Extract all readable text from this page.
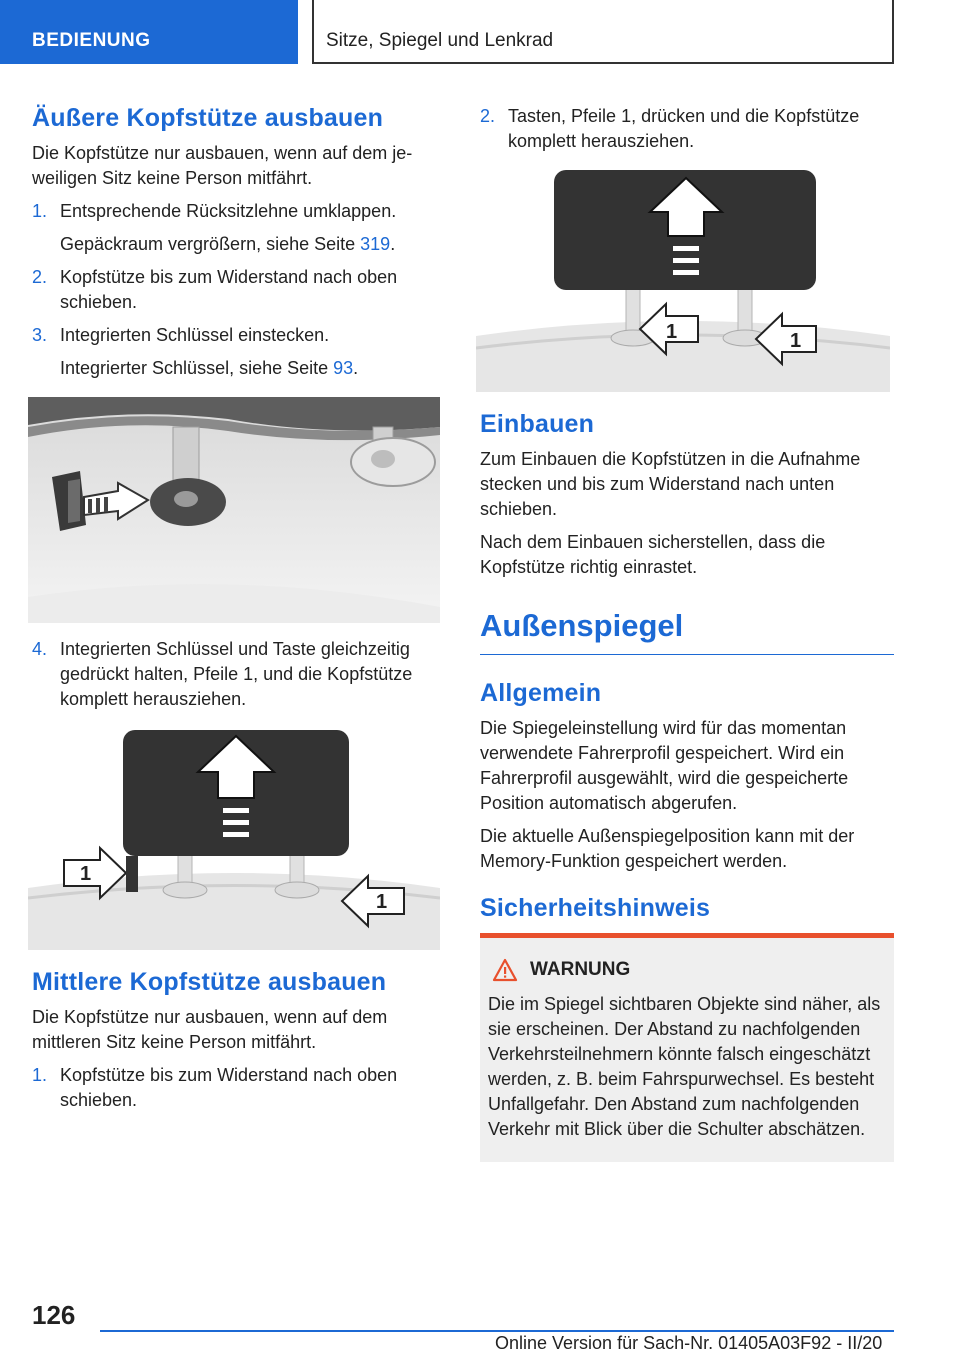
BEDIENUNG	Sitze, Spiegel und Lenkrad
Äußere Kopfstütze ausbauen

Die Kopfstütze nur ausbauen, wenn auf dem jeweiligen Sitz keine Person mitfährt.

1. Entsprechende Rücksitzlehne umklappen.
Gepäckraum vergrößern, siehe Seite 319.
2. Kopfstütze bis zum Widerstand nach oben schieben.
3. Integrierten Schlüssel einstecken.
Integrierter Schlüssel, siehe Seite 93.
4. Integrierten Schlüssel und Taste gleichzeitig gedrückt halten, Pfeile 1, und die Kopfstütze komplett herausziehen.
1
1
Mittlere Kopfstütze ausbauen

Die Kopfstütze nur ausbauen, wenn auf dem mittleren Sitz keine Person mitfährt.

1. Kopfstütze bis zum Widerstand nach oben schieben.
2. Tasten, Pfeile 1, drücken und die Kopfstütze komplett herausziehen.
1	1
Einbauen

Zum Einbauen die Kopfstützen in die Aufnahme stecken und bis zum Widerstand nach unten schieben.

Nach dem Einbauen sicherstellen, dass die Kopfstütze richtig einrastet.

Außenspiegel
Allgemein

Die Spiegeleinstellung wird für das momentan verwendete Fahrerprofil gespeichert. Wird ein Fahrerprofil ausgewählt, wird die gespeicherte Position automatisch abgerufen.

Die aktuelle Außenspiegelposition kann mit der Memory-Funktion gespeichert werden.

Sicherheitshinweis
WARNUNG
Die im Spiegel sichtbaren Objekte sind näher, als sie erscheinen. Der Abstand zu nachfolgenden Verkehrsteilnehmern könnte falsch eingeschätzt werden, z. B. beim Fahrspurwechsel. Es besteht Unfallgefahr. Den Abstand zum nachfolgenden Verkehr mit Blick über die Schulter abschätzen.
126
Online Version für Sach-Nr. 01405A03F92 - II/20
